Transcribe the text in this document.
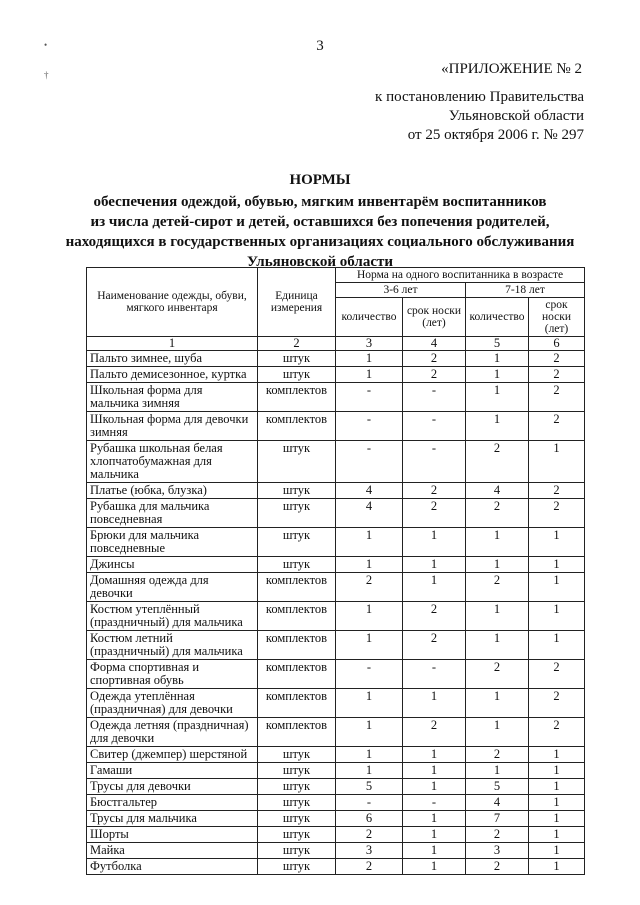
•

†
3
«ПРИЛОЖЕНИЕ № 2
к постановлению Правительства
Ульяновской области
от 25 октября 2006 г. № 297
НОРМЫ
обеспечения одеждой, обувью, мягким инвентарём воспитанников
из числа детей-сирот и детей, оставшихся без попечения родителей,
находящихся в государственных организациях социального обслуживания
Ульяновской области
Наименование одежды, обуви, мягкого инвентаря	Единица измерения	Норма на одного воспитанника в возрасте			
		3-6 лет		7-18 лет	
		количество	срок носки (лет)	количество	срок носки (лет)
1	2	3	4	5	6
Пальто зимнее, шуба	штук	1	2	1	2
Пальто демисезонное, куртка	штук	1	2	1	2
Школьная форма для мальчика зимняя	комплектов	-	-	1	2
Школьная форма для девочки зимняя	комплектов	-	-	1	2
Рубашка школьная белая хлопчатобумажная для мальчика	штук	-	-	2	1
Платье (юбка, блузка)	штук	4	2	4	2
Рубашка для мальчика повседневная	штук	4	2	2	2
Брюки для мальчика повседневные	штук	1	1	1	1
Джинсы	штук	1	1	1	1
Домашняя одежда для девочки	комплектов	2	1	2	1
Костюм утеплённый (праздничный) для мальчика	комплектов	1	2	1	1
Костюм летний (праздничный) для мальчика	комплектов	1	2	1	1
Форма спортивная и спортивная обувь	комплектов	-	-	2	2
Одежда утеплённая (праздничная) для девочки	комплектов	1	1	1	2
Одежда летняя (праздничная) для девочки	комплектов	1	2	1	2
Свитер (джемпер) шерстяной	штук	1	1	2	1
Гамаши	штук	1	1	1	1
Трусы для девочки	штук	5	1	5	1
Бюстгальтер	штук	-	-	4	1
Трусы для мальчика	штук	6	1	7	1
Шорты	штук	2	1	2	1
Майка	штук	3	1	3	1
Футболка	штук	2	1	2	1
